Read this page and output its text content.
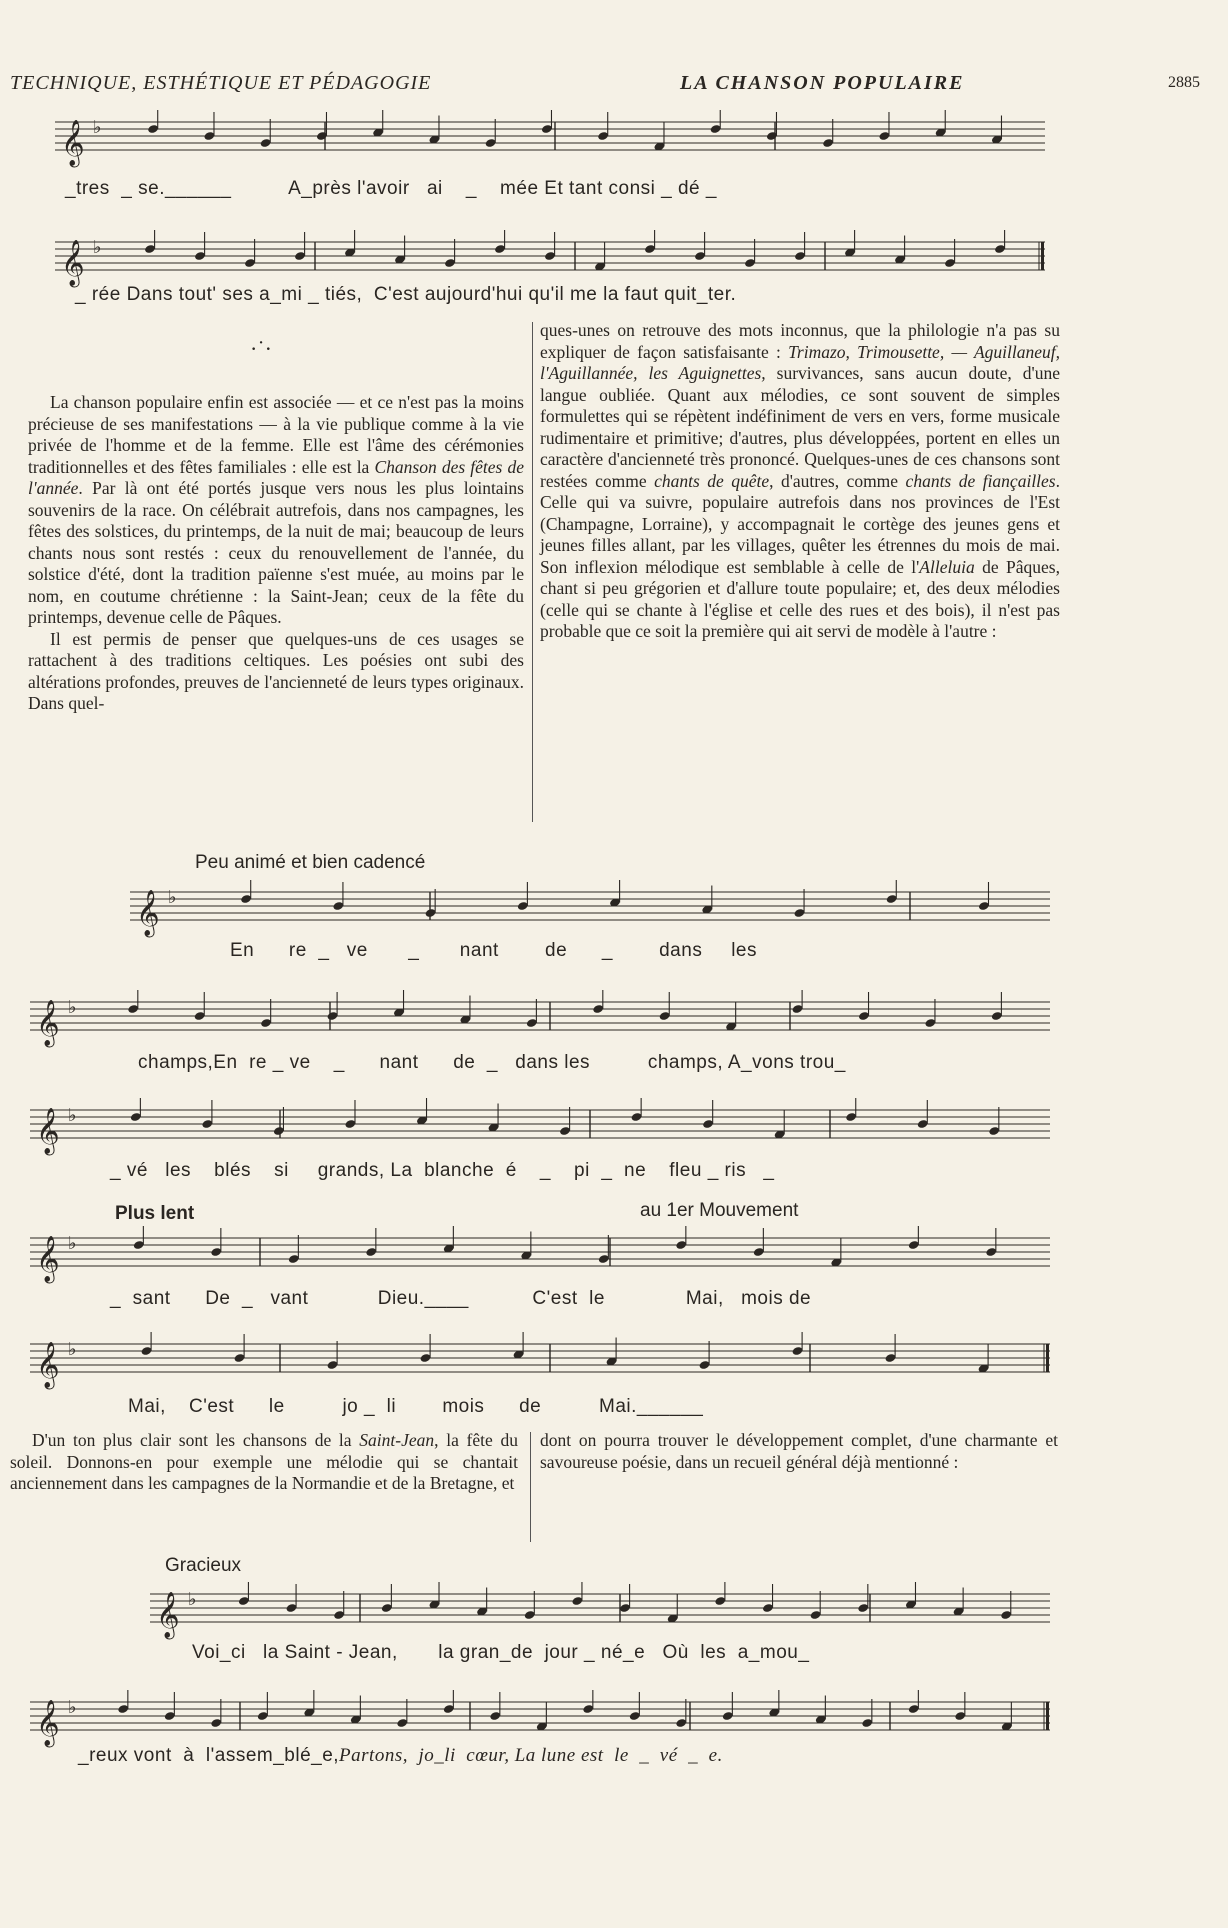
TECHNIQUE, ESTHÉTIQUE ET PÉDAGOGIE	LA CHANSON POPULAIRE	2885
𝄞 ♭
_tres  _ se.______          A_près l'avoir   ai    _    mée Et tant consi _ dé _
𝄞 ♭
_ rée Dans tout' ses a_mi _ tiés,  C'est aujourd'hui qu'il me la faut quit_ter.
·˙·

La chanson populaire enfin est associée — et ce n'est pas la moins précieuse de ses manifestations — à la vie publique comme à la vie privée de l'homme et de la femme. Elle est l'âme des cérémonies traditionnelles et des fêtes familiales : elle est la Chanson des fêtes de l'année. Par là ont été portés jusque vers nous les plus lointains souvenirs de la race. On célébrait autrefois, dans nos campagnes, les fêtes des solstices, du printemps, de la nuit de mai; beaucoup de leurs chants nous sont restés : ceux du renouvellement de l'année, du solstice d'été, dont la tradition païenne s'est muée, au moins par le nom, en coutume chrétienne : la Saint-Jean; ceux de la fête du printemps, devenue celle de Pâques.

Il est permis de penser que quelques-uns de ces usages se rattachent à des traditions celtiques. Les poésies ont subi des altérations profondes, preuves de l'ancienneté de leurs types originaux. Dans quel-

ques-unes on retrouve des mots inconnus, que la philologie n'a pas su expliquer de façon satisfaisante : Trimazo, Trimousette, — Aguillaneuf, l'Aguillannée, les Aguignettes, survivances, sans aucun doute, d'une langue oubliée. Quant aux mélodies, ce sont souvent de simples formulettes qui se répètent indéfiniment de vers en vers, forme musicale rudimentaire et primitive; d'autres, plus développées, portent en elles un caractère d'ancienneté très prononcé. Quelques-unes de ces chansons sont restées comme chants de quête, d'autres, comme chants de fiançailles. Celle qui va suivre, populaire autrefois dans nos provinces de l'Est (Champagne, Lorraine), y accompagnait le cortège des jeunes gens et jeunes filles allant, par les villages, quêter les étrennes du mois de mai. Son inflexion mélodique est semblable à celle de l'Alleluia de Pâques, chant si peu grégorien et d'allure toute populaire; et, des deux mélodies (celle qui se chante à l'église et celle des rues et des bois), il n'est pas probable que ce soit la première qui ait servi de modèle à l'autre :

Peu animé et bien cadencé
𝄞 ♭
En      re  _   ve       _       nant        de      _        dans     les
𝄞 ♭
champs,En  re _ ve    _      nant      de  _   dans les          champs, A_vons trou_
𝄞 ♭
_ vé   les    blés    si     grands, La  blanche  é    _    pi  _  ne    fleu _ ris   _
Plus lent	au 1er Mouvement
𝄞 ♭
_  sant      De  _   vant            Dieu.____           C'est  le              Mai,   mois de
𝄞 ♭
Mai,    C'est      le          jo _  li        mois      de          Mai.______

D'un ton plus clair sont les chansons de la Saint-Jean, la fête du soleil. Donnons-en pour exemple une mélodie qui se chantait anciennement dans les campagnes de la Normandie et de la Bretagne, et

dont on pourra trouver le développement complet, d'une charmante et savoureuse poésie, dans un recueil général déjà mentionné :

Gracieux
𝄞 ♭
Voi_ci   la Saint - Jean,       la gran_de  jour _ né_e   Où  les  a_mou_
𝄞 ♭
_reux vont  à  l'assem_blé_e,Partons,  jo_li  cœur, La lune est  le  _  vé  _  e.
